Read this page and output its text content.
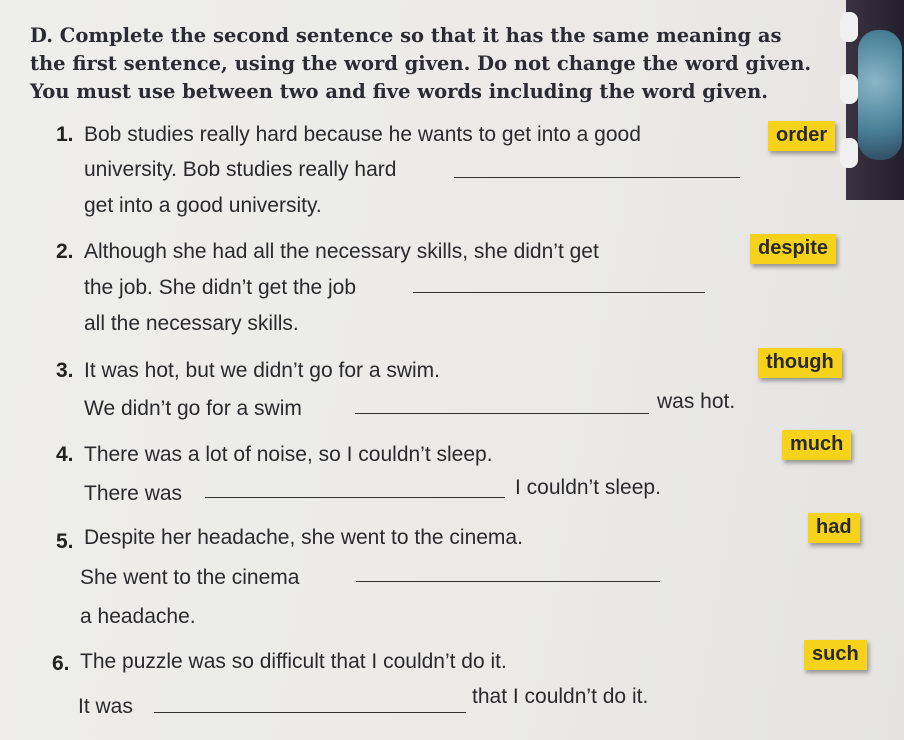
D. Complete the second sentence so that it has the same meaning as
the first sentence, using the word given. Do not change the word given.
You must use between two and five words including the word given.
1. Bob studies really hard because he wants to get into a good
university. Bob studies really hard
get into a good university.
order
2. Although she had all the necessary skills, she didn’t get
the job. She didn’t get the job
all the necessary skills.
despite
3. It was hot, but we didn’t go for a swim.
We didn’t go for a swim	was hot.
though
4. There was a lot of noise, so I couldn’t sleep.
There was	I couldn’t sleep.
much
5. Despite her headache, she went to the cinema.
She went to the cinema
a headache.
had
6. The puzzle was so difficult that I couldn’t do it.
It was	that I couldn’t do it.
such
